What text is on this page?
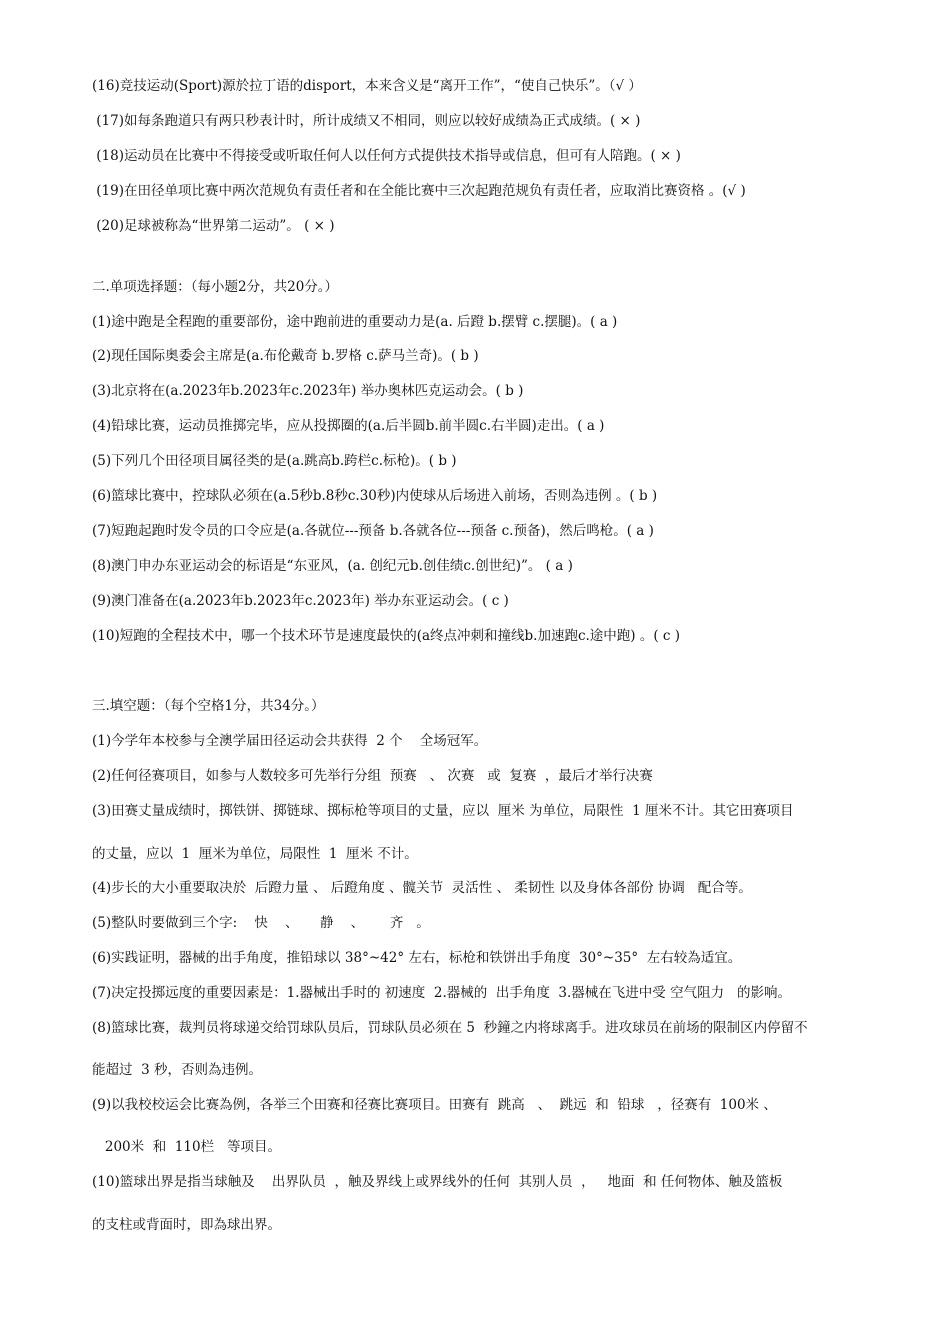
(16)竞技运动(Sport)源於拉丁语的disport，本来含义是“离开工作”，“使自己快乐”。（√ ）
(17)如每条跑道只有两只秒表计时，所计成绩又不相同，则应以较好成绩為正式成绩。( × )
(18)运动员在比赛中不得接受或听取任何人以任何方式提供技术指导或信息，但可有人陪跑。( × )
(19)在田径单项比赛中两次范规负有责任者和在全能比赛中三次起跑范规负有责任者，应取消比赛资格 。(√ )
(20)足球被称為“世界第二运动”。 ( × )
二.单项选择题：（每小题2分，共20分。）
(1)途中跑是全程跑的重要部份，途中跑前进的重要动力是(a. 后蹬 b.摆臂 c.摆腿)。( a )
(2)现任国际奥委会主席是(a.布伦戴奇 b.罗格 c.萨马兰奇)。( b )
(3)北京将在(a.2023年b.2023年c.2023年) 举办奥林匹克运动会。( b )
(4)铅球比赛，运动员推掷完毕，应从投掷圈的(a.后半圆b.前半圆c.右半圆)走出。( a )
(5)下列几个田径项目属径类的是(a.跳高b.跨栏c.标枪)。( b )
(6)篮球比赛中，控球队必须在(a.5秒b.8秒c.30秒)内使球从后场进入前场，否则為违例 。( b )
(7)短跑起跑时发令员的口令应是(a.各就位---预备 b.各就各位---预备 c.预备)，然后鸣枪。( a )
(8)澳门申办东亚运动会的标语是“东亚风，(a. 创纪元b.创佳绩c.创世纪)”。 ( a )
(9)澳门准备在(a.2023年b.2023年c.2023年) 举办东亚运动会。( c )
(10)短跑的全程技术中，哪一个技术环节是速度最快的(a终点冲刺和撞线b.加速跑c.途中跑) 。( c )
三.填空题：（每个空格1分，共34分。）
(1)今学年本校参与全澳学届田径运动会共获得  2 个    全场冠军。
(2)任何径赛项目，如参与人数较多可先举行分组  预赛   、 次赛   或  复赛  ，最后才举行决赛
(3)田赛丈量成绩时，掷铁饼、掷链球、掷标枪等项目的丈量，应以  厘米 为单位，局限性  1 厘米不计。其它田赛项目
的丈量，应以  1  厘米为单位，局限性  1  厘米 不计。
(4)步长的大小重要取决於  后蹬力量 、 后蹬角度 、髋关节  灵活性 、 柔韧性 以及身体各部份 协调   配合等。
(5)整队时要做到三个字:    快    、     静    、      齐   。
(6)实践证明，器械的出手角度，推铅球以 38°~42° 左右，标枪和铁饼出手角度  30°~35°  左右较為适宜。
(7)决定投掷远度的重要因素是：1.器械出手时的 初速度  2.器械的  出手角度  3.器械在飞进中受 空气阻力   的影响。
(8)篮球比赛，裁判员将球递交给罚球队员后，罚球队员必须在 5  秒鐘之内将球离手。进攻球员在前场的限制区内停留不
能超过  3 秒，否则為违例。
(9)以我校校运会比赛為例，各举三个田赛和径赛比赛项目。田赛有  跳高   、  跳远  和  铅球   ，径赛有  100米 、
200米  和  110栏   等项目。
(10)篮球出界是指当球触及    出界队员  ，触及界线上或界线外的任何  其别人员  ，   地面  和 任何物体、触及篮板
的支柱或背面时，即為球出界。
